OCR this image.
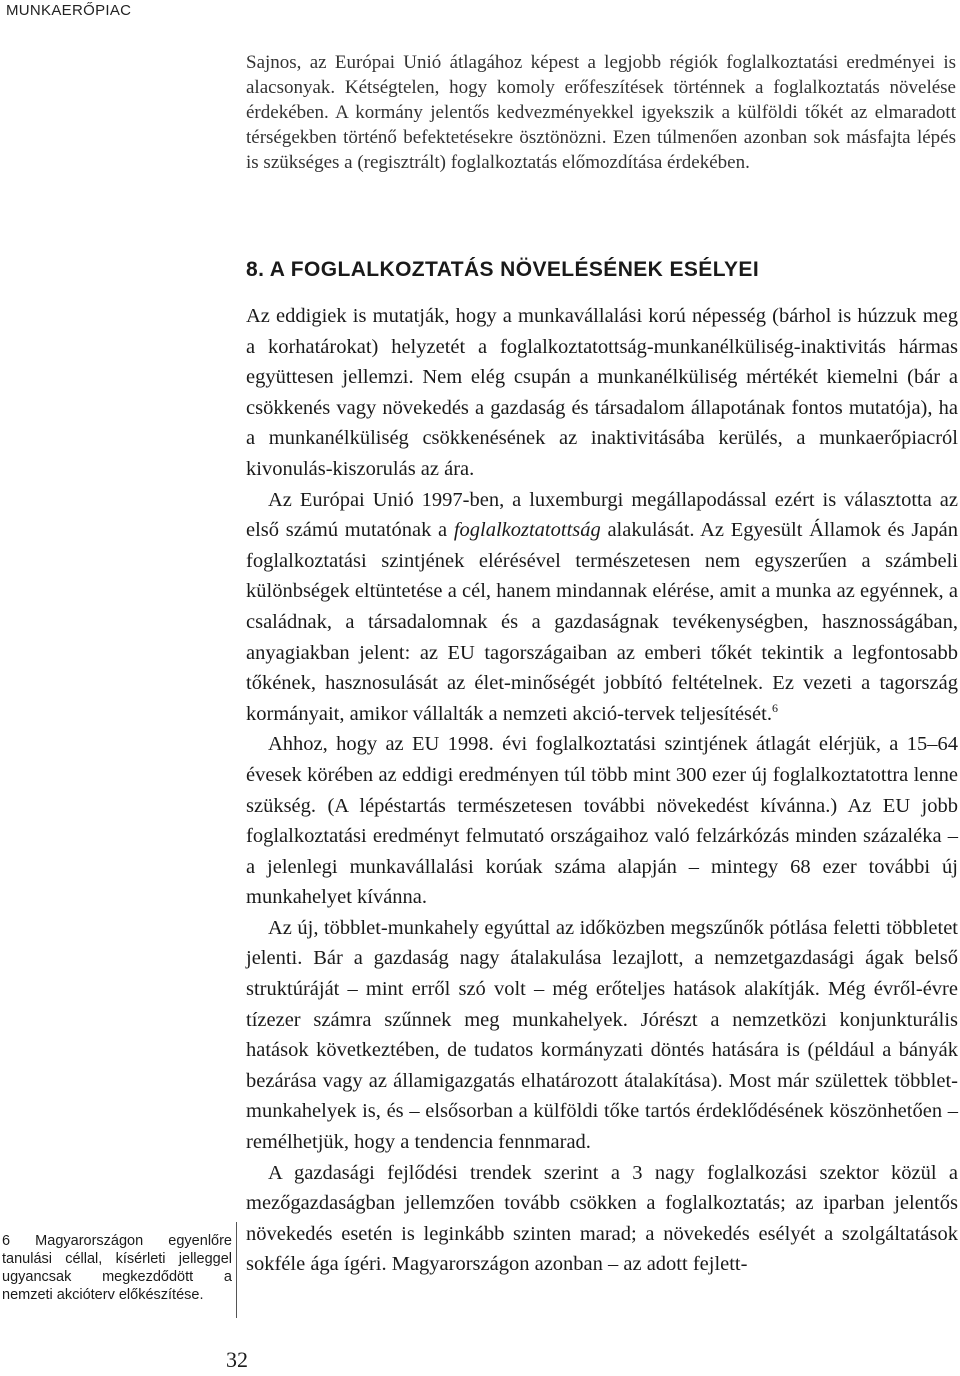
MUNKAERŐPIAC

Sajnos, az Európai Unió átlagához képest a legjobb régiók foglalkoztatási eredményei is alacsonyak. Kétségtelen, hogy komoly erőfeszítések történnek a foglalkoztatás növelése érdekében. A kormány jelentős kedvezményekkel igyekszik a külföldi tőkét az elmaradott térségekben történő befektetésekre ösztönözni. Ezen túlmenően azonban sok másfajta lépés is szükséges a (regisztrált) foglalkoztatás előmozdítása érdekében.

8. A FOGLALKOZTATÁS NÖVELÉSÉNEK ESÉLYEI

Az eddigiek is mutatják, hogy a munkavállalási korú népesség (bárhol is húzzuk meg a korhatárokat) helyzetét a foglalkoztatottság-munkanélküliség-inaktivitás hármas együttesen jellemzi. Nem elég csupán a munkanélküliség mértékét kiemelni (bár a csökkenés vagy növekedés a gazdaság és társadalom állapotának fontos mutatója), ha a munkanélküliség csökkenésének az inaktivitásába kerülés, a munkaerőpiacról kivonulás-kiszorulás az ára.

Az Európai Unió 1997-ben, a luxemburgi megállapodással ezért is választotta az első számú mutatónak a foglalkoztatottság alakulását. Az Egyesült Államok és Japán foglalkoztatási szintjének elérésével természetesen nem egyszerűen a számbeli különbségek eltüntetése a cél, hanem mindannak elérése, amit a munka az egyénnek, a családnak, a társadalomnak és a gazdaságnak tevékenységben, hasznosságában, anyagiakban jelent: az EU tagországaiban az emberi tőkét tekintik a legfontosabb tőkének, hasznosulását az élet-minőségét jobbító feltételnek. Ez vezeti a tagország kormányait, amikor vállalták a nemzeti akció-tervek teljesítését.$^6$

Ahhoz, hogy az EU 1998. évi foglalkoztatási szintjének átlagát elérjük, a 15–64 évesek körében az eddigi eredményen túl több mint 300 ezer új foglalkoztatottra lenne szükség. (A lépéstartás természetesen további növekedést kívánna.) Az EU jobb foglalkoztatási eredményt felmutató országaihoz való felzárkózás minden százaléka – a jelenlegi munkavállalási korúak száma alapján – mintegy 68 ezer további új munkahelyet kívánna.

Az új, többlet-munkahely egyúttal az időközben megszűnők pótlása feletti többletet jelenti. Bár a gazdaság nagy átalakulása lezajlott, a nemzetgazdasági ágak belső struktúráját – mint erről szó volt – még erőteljes hatások alakítják. Még évről-évre tízezer számra szűnnek meg munkahelyek. Jórészt a nemzetközi konjunkturális hatások következtében, de tudatos kormányzati döntés hatására is (például a bányák bezárása vagy az államigazgatás elhatározott átalakítása). Most már születtek többlet-munkahelyek is, és – elsősorban a külföldi tőke tartós érdeklődésének köszönhetően – remélhetjük, hogy a tendencia fennmarad.

A gazdasági fejlődési trendek szerint a 3 nagy foglalkozási szektor közül a mezőgazdaságban jellemzően tovább csökken a foglalkoztatás; az iparban jelentős növekedés esetén is leginkább szinten marad; a növekedés esélyét a szolgáltatások sokféle ága ígéri. Magyarországon azonban – az adott fejlett-

6 Magyarországon egyenlőre tanulási céllal, kísérleti jelleggel ugyancsak megkezdődött a nemzeti akcióterv előkészítése.

32
